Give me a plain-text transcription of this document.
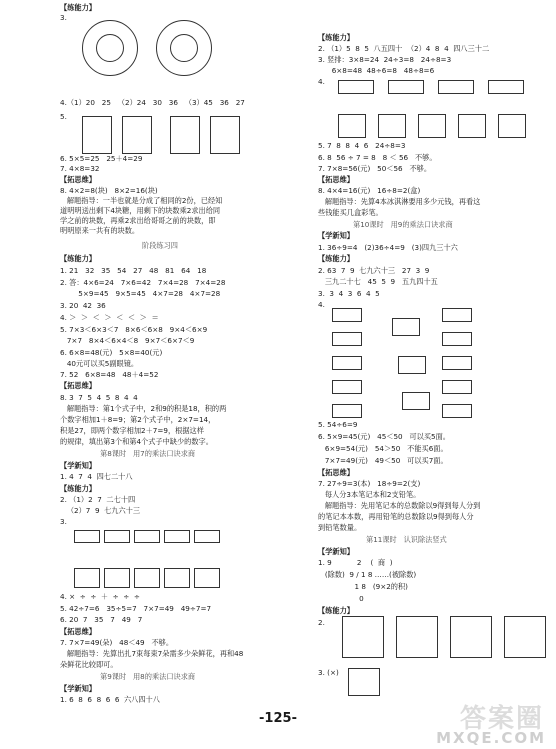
【练能力】
3.
4.（1）20   25   （2）24   30   36   （3）45   36   27
5.
6. 5×5=25   25＋4=29
7. 4×8=32
【拓思维】
8. 4×2=8(块)   8×2=16(块)
解题指导：一半也就是分成了相同的2份，已经知
道明明送出剩下4块糖，用剩下的块数乘2求出给同
学之前的块数，再乘2求出给哥哥之前的块数，即
明明原来一共有的块数。
阶段练习四
【练能力】
1. 21   32   35   54   27   48   81   64   18
2. 答：4×6=24   7×6=42   7×4=28   7×4=28
5×9=45   9×5=45   4×7=28   4×7=28
3. 20  42  36
4. ＞  ＞  ＜  ＞  ＜  ＜  ＞  ＝
5. 7×3＜6×3＜7   8×6＜6×8   9×4＜6×9
7×7   8×4＜6×4＜8   9×7＜6×7＜9
6. 6×8=48(元)   5×8=40(元)
40元可以买5副眼镜。
7. 52   6×8=48   48＋4=52
【拓思维】
8. 3  7  5  4  5  8  4  4
解题指导：第1个式子中，2和9的积是18，积的两
个数字相加1＋8=9；第2个式子中，2×7=14，
积是27，即两个数字相加2＋7=9，根据这样
的规律，填出第3个和第4个式子中缺少的数字。
第8课时   用7的乘法口诀求商
【学新知】
1. 4  7  4  四七二十八
【练能力】
2. （1）2  7  二七十四
（2）7  9  七九六十三
3.
4. ×  ÷  ÷  ＋  ÷  ÷  ÷
5. 42÷7=6   35÷5=7   7×7=49   49÷7=7
6. 20  7   35   7   49   7
【拓思维】
7. 7×7=49(朵)   48＜49   不够。
解题指导：先算出扎7束每束7朵需多少朵鲜花，再和48
朵鲜花比较即可。
第9课时   用8的乘法口诀求商
【学新知】
1. 6  8  6  8  6  6  六八四十八
【练能力】
2. （1）5  8  5  八五四十  （2）4  8  4  四八三十二
3. 竖排：3×8=24  24÷3=8   24÷8=3
6×8=48  48÷6=8   48÷8=6
4.
5. 7  8  8  4  6   24÷8=3
6. 8  56 ÷ 7 = 8   8 ＜ 56   不够。
7. 7×8=56(元)   50＜56   不够。
【拓思维】
8. 4×4=16(元)   16÷8=2(盒)
解题指导：先算4本冰淇淋要用多少元钱，再看这
些钱能买几盒彩笔。
第10课时   用9的乘法口诀求商
【学新知】
1. 36÷9=4   (2)36÷4=9   (3)四九三十六
【练能力】
2. 63  7  9  七九六十三   27  3  9
三九二十七   45  5  9   五九四十五
3.  3  4  3  6  4  5
4.
5. 54÷6=9
6. 5×9=45(元)   45＜50   可以买5面。
6×9=54(元)   54＞50   不能买6面。
7×7=49(元)   49＜50   可以买7面。
【拓思维】
7. 27÷9=3(本)   18÷9=2(支)
每人分3本笔记本和2支铅笔。
解题指导：先用笔记本的总数除以9得到每人分到
的笔记本本数，再用铅笔的总数除以9得到每人分
到铅笔数量。
第11课时   认识除法竖式
【学新知】
1. 9           2    (  商  )
(除数)  9 / 1 8 ……(被除数)
1 8   (9×2的积)
0
【练能力】
2.
3. (×)
-125-	答案圈
MXQE.COM
